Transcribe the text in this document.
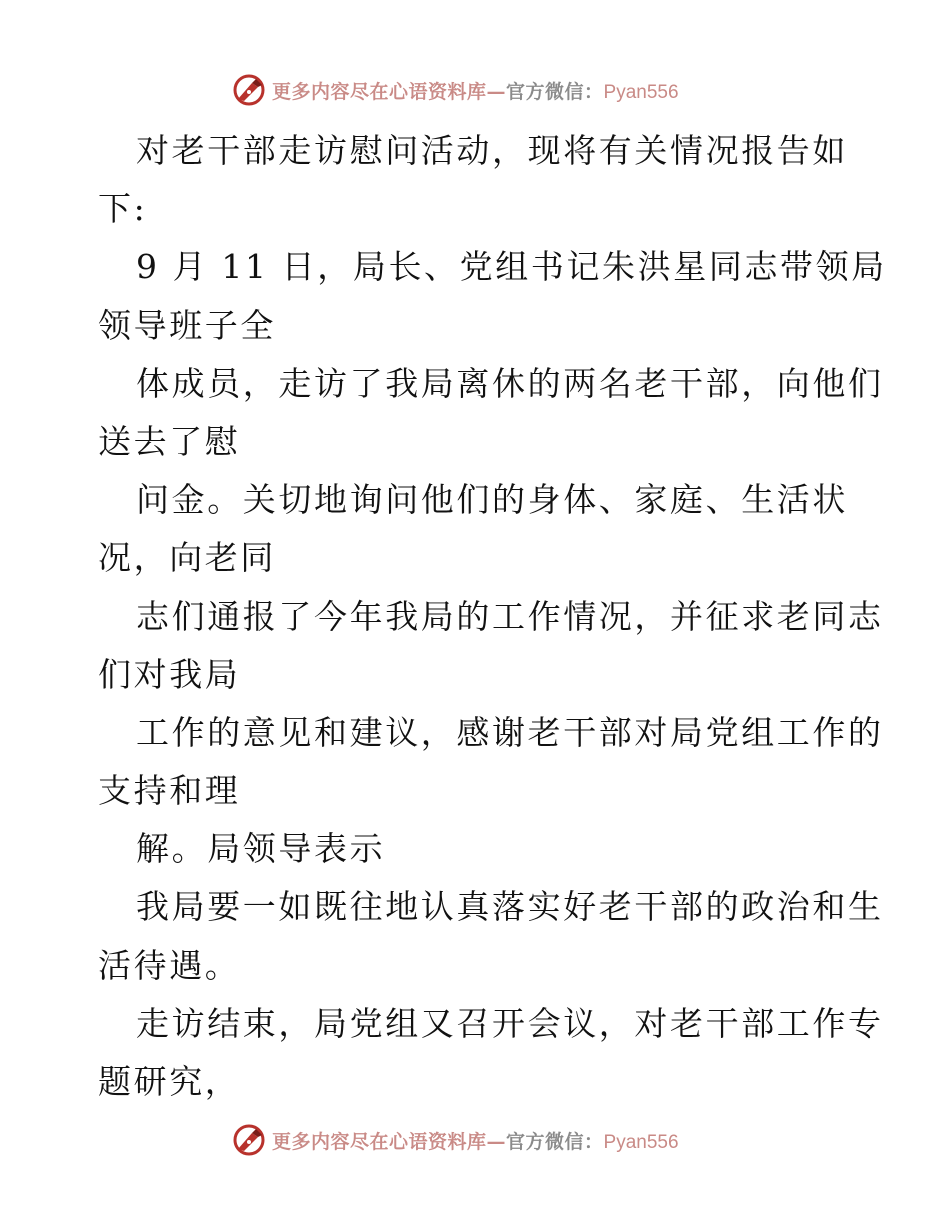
更多内容尽在心语资料库—官方微信：Pyan556
对老干部走访慰问活动，现将有关情况报告如
下:
9 月 11 日，局长、党组书记朱洪星同志带领局
领导班子全
体成员，走访了我局离休的两名老干部，向他们
送去了慰
问金。关切地询问他们的身体、家庭、生活状
况，向老同
志们通报了今年我局的工作情况，并征求老同志
们对我局
工作的意见和建议，感谢老干部对局党组工作的
支持和理
解。局领导表示
我局要一如既往地认真落实好老干部的政治和生
活待遇。
走访结束，局党组又召开会议，对老干部工作专
题研究，
更多内容尽在心语资料库—官方微信：Pyan556
